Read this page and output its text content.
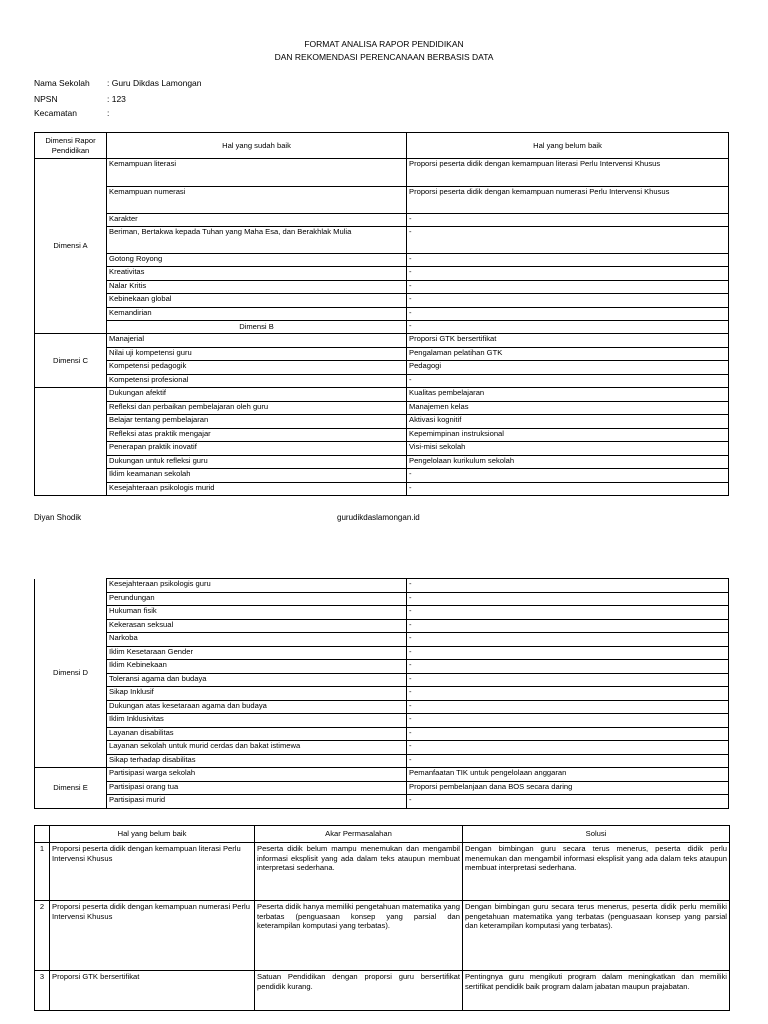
FORMAT ANALISA RAPOR PENDIDIKAN
DAN REKOMENDASI PERENCANAAN BERBASIS DATA
Nama Sekolah : Guru Dikdas Lamongan
NPSN	: 123
Kecamatan	:
Dimensi Rapor Pendidikan	Hal yang sudah baik	Hal yang belum baik	
Dimensi A	Kemampuan literasi	Proporsi peserta didik dengan kemampuan literasi Perlu Intervensi Khusus	
	Kemampuan numerasi	Proporsi peserta didik dengan kemampuan numerasi Perlu Intervensi Khusus	
	Karakter	-	
	Beriman, Bertakwa kepada Tuhan yang Maha Esa, dan Berakhlak Mulia	-	
	Gotong Royong	-	
	Kreativitas	-	
	Nalar Kritis	-	
	Kebinekaan global	-	
	Kemandirian	-	
	Dimensi B	-	
Dimensi C	Manajerial	Proporsi GTK bersertifikat	
	Nilai uji kompetensi guru	Pengalaman pelatihan GTK	
	Kompetensi pedagogik	Pedagogi	
	Kompetensi profesional	-	
	Dukungan afektif	Kualitas pembelajaran	
	Refleksi dan perbaikan pembelajaran oleh guru	Manajemen kelas	
	Belajar tentang pembelajaran	Aktivasi kognitif	
	Refleksi atas praktik mengajar	Kepemimpinan instruksional	
	Penerapan praktik inovatif	Visi-misi sekolah	
	Dukungan untuk refleksi guru	Pengelolaan kurikulum sekolah	
	Iklim keamanan sekolah	-	
	Kesejahteraan psikologis murid	-	
Diyan Shodik	gurudikdaslamongan.id
Dimensi D	Kesejahteraan psikologis guru	-
	Perundungan	-
	Hukuman fisik	-
	Kekerasan seksual	-
	Narkoba	-
	Iklim Kesetaraan Gender	-
	Iklim Kebinekaan	-
	Toleransi agama dan budaya	-
	Sikap Inklusif	-
	Dukungan atas kesetaraan agama dan budaya	-
	Iklim Inklusivitas	-
	Layanan disabilitas	-
	Layanan sekolah untuk murid cerdas dan bakat istimewa	-
	Sikap terhadap disabilitas	-
Dimensi E	Partisipasi warga sekolah	Pemanfaatan TIK untuk pengelolaan anggaran
	Partisipasi orang tua	Proporsi pembelanjaan dana BOS secara daring
	Partisipasi murid	-
	Hal yang belum baik	Akar Permasalahan	Solusi
1	Proporsi peserta didik dengan kemampuan literasi Perlu Intervensi Khusus	Peserta didik belum mampu menemukan dan mengambil informasi eksplisit yang ada dalam teks ataupun membuat interpretasi sederhana.	Dengan bimbingan guru secara terus menerus, peserta didik perlu menemukan dan mengambil informasi eksplisit yang ada dalam teks ataupun membuat interpretasi sederhana.
2	Proporsi peserta didik dengan kemampuan numerasi Perlu Intervensi Khusus	Peserta didik hanya memiliki pengetahuan matematika yang terbatas (penguasaan konsep yang parsial dan keterampilan komputasi yang terbatas).	Dengan bimbingan guru secara terus menerus, peserta didik perlu memiliki pengetahuan matematika yang terbatas (penguasaan konsep yang parsial dan keterampilan komputasi yang terbatas).
3	Proporsi GTK bersertifikat	Satuan Pendidikan dengan proporsi guru bersertifikat pendidik kurang.	Pentingnya guru mengikuti program dalam meningkatkan dan memiliki sertifikat pendidik baik program dalam jabatan maupun prajabatan.
